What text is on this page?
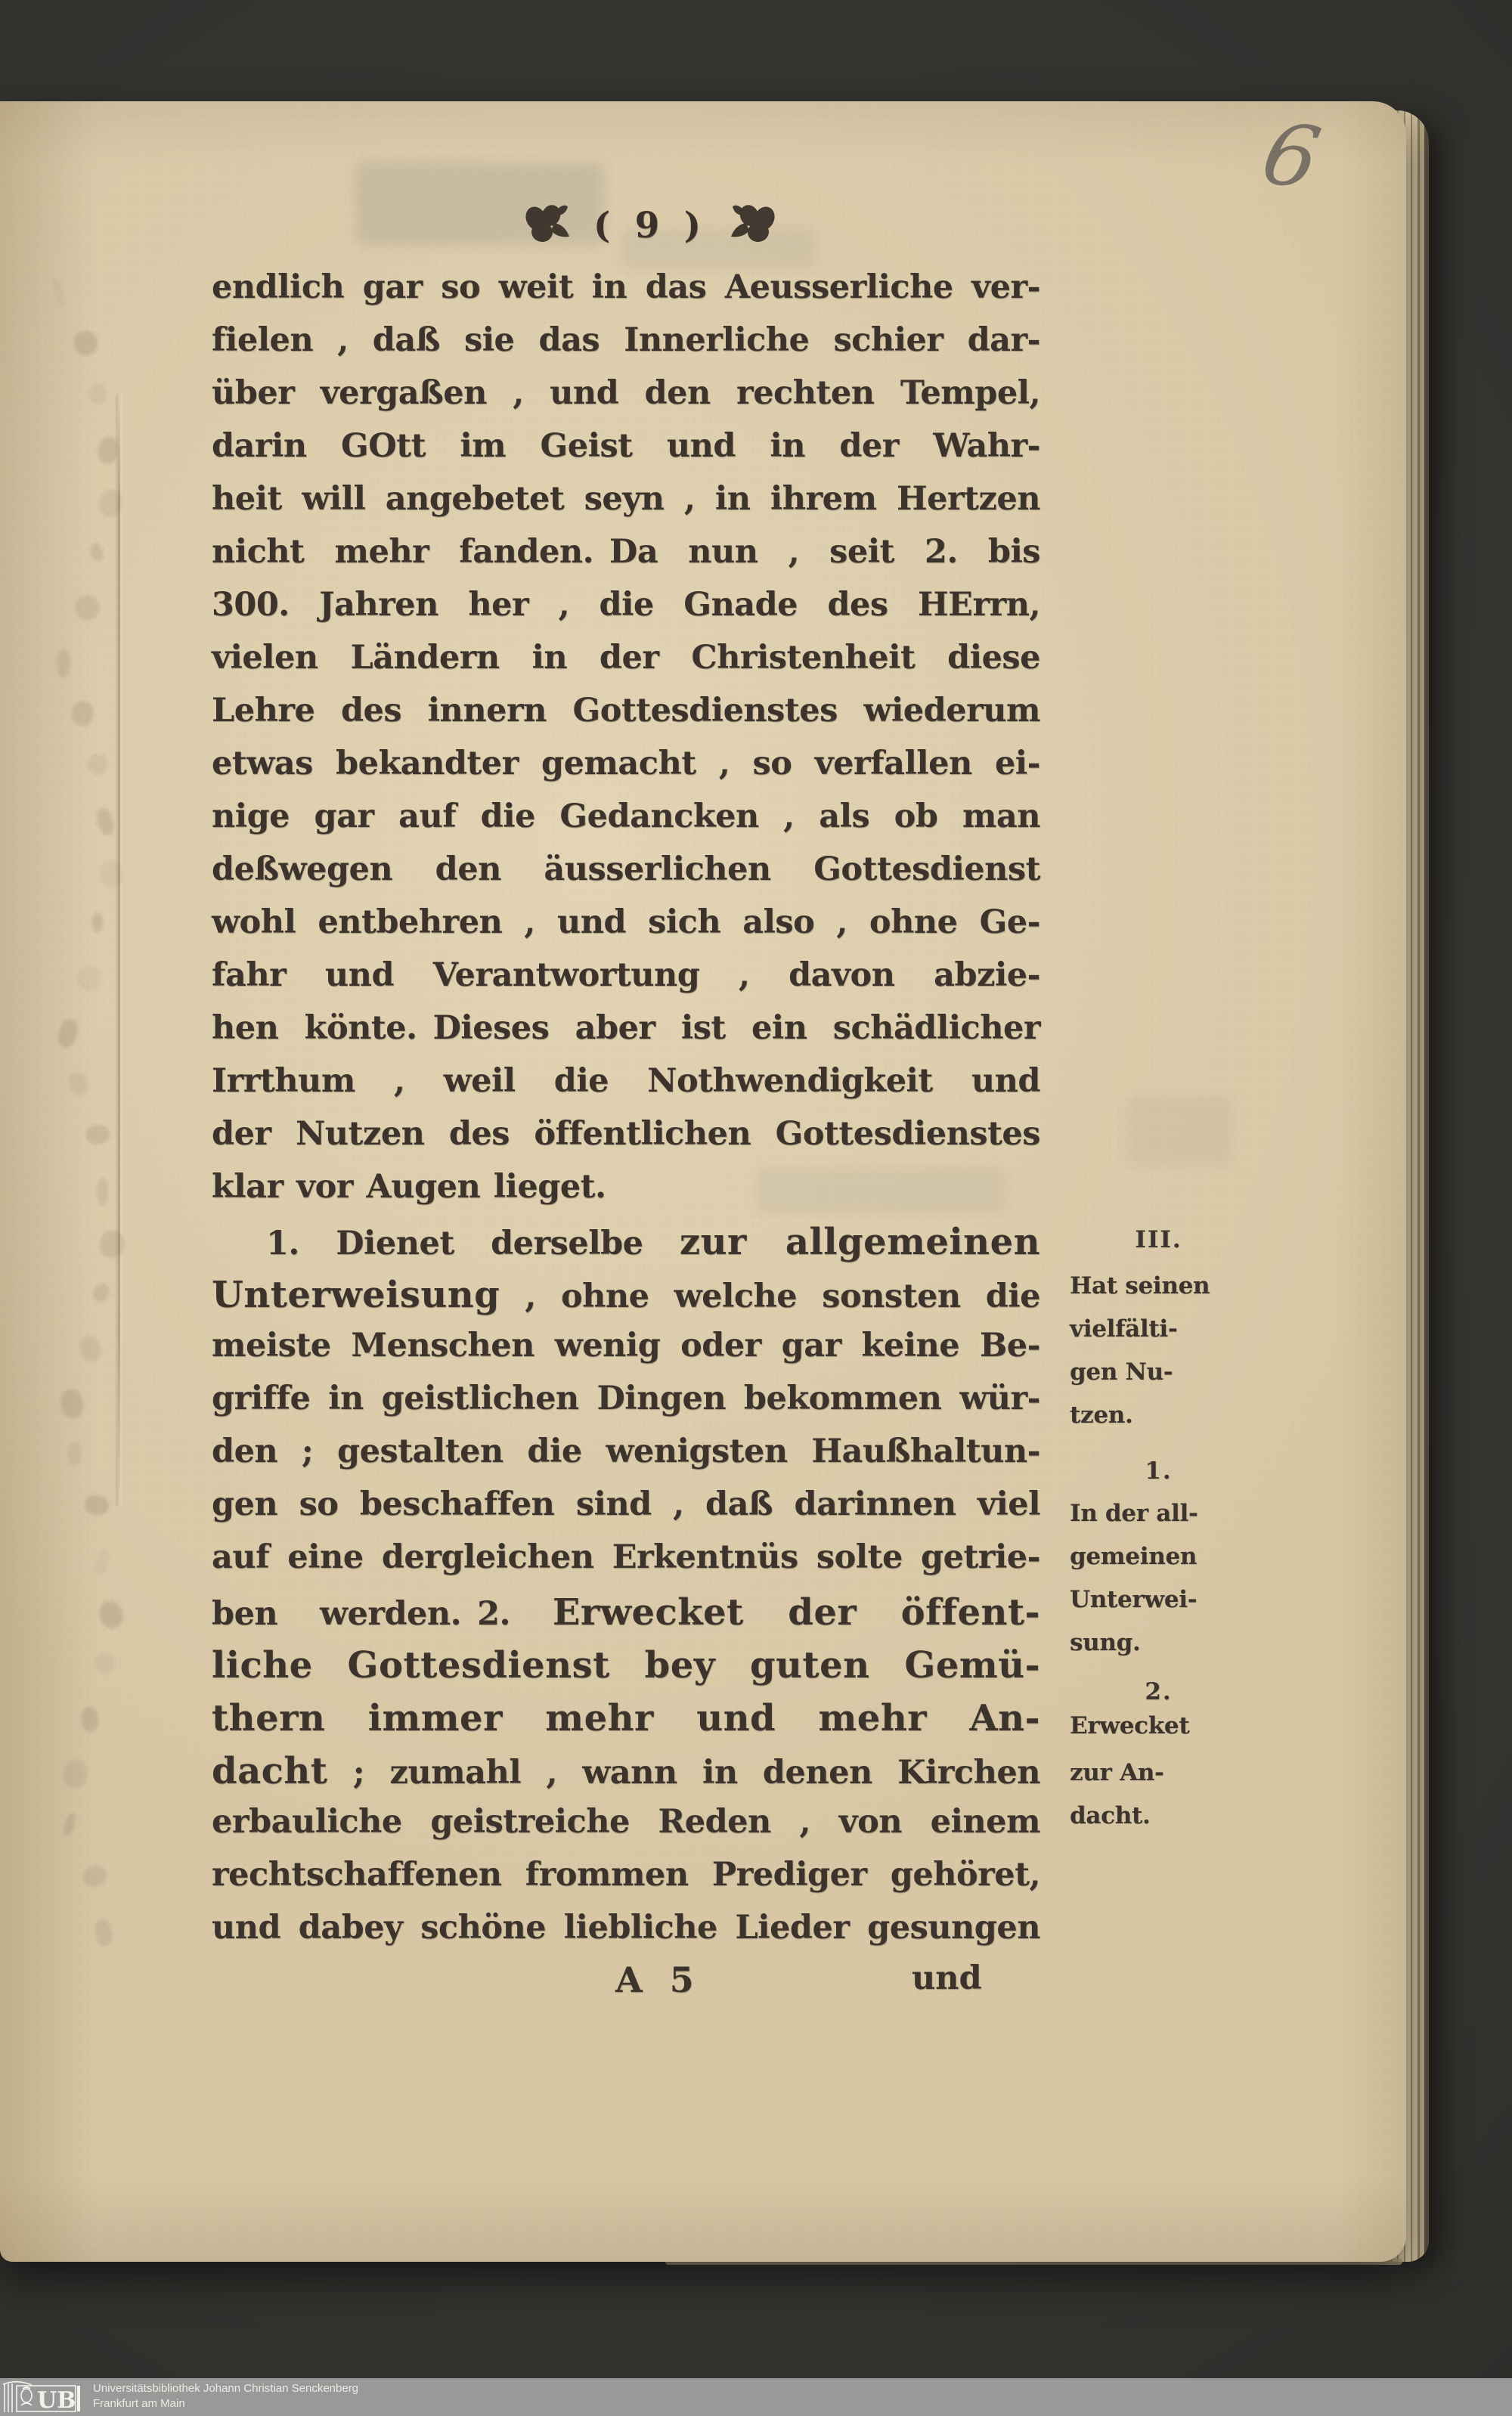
( 9 )
6
endlich gar so weit in das Aeusserliche ver-
fielen , daß sie das Innerliche schier dar-
über vergaßen , und den rechten Tempel,
darin GOtt im Geist und in der Wahr-
heit will angebetet seyn , in ihrem Hertzen
nicht mehr fanden. Da nun , seit 2. bis
300. Jahren her , die Gnade des HErrn,
vielen Ländern in der Christenheit diese
Lehre des innern Gottesdienstes wiederum
etwas bekandter gemacht , so verfallen ei-
nige gar auf die Gedancken , als ob man
deßwegen den äusserlichen Gottesdienst
wohl entbehren , und sich also , ohne Ge-
fahr und Verantwortung , davon abzie-
hen könte. Dieses aber ist ein schädlicher
Irrthum , weil die Nothwendigkeit und
der Nutzen des öffentlichen Gottesdienstes
klar vor Augen lieget.
1. Dienet derselbe zur allgemeinen
Unterweisung , ohne welche sonsten die
meiste Menschen wenig oder gar keine Be-
griffe in geistlichen Dingen bekommen wür-
den ; gestalten die wenigsten Haußhaltun-
gen so beschaffen sind , daß darinnen viel
auf eine dergleichen Erkentnüs solte getrie-
ben werden. 2. Erwecket der öffent-
liche Gottesdienst bey guten Gemü-
thern immer mehr und mehr An-
dacht ; zumahl , wann in denen Kirchen
erbauliche geistreiche Reden , von einem
rechtschaffenen frommen Prediger gehöret,
und dabey schöne liebliche Lieder gesungen
A 5	und
III.
Hat seinen
vielfälti-
gen Nu-
tzen.
1.
In der all-
gemeinen
Unterwei-
sung.
2.
Erwecket
zur An-
dacht.
UB Universitätsbibliothek Johann Christian Senckenberg
Frankfurt am Main
